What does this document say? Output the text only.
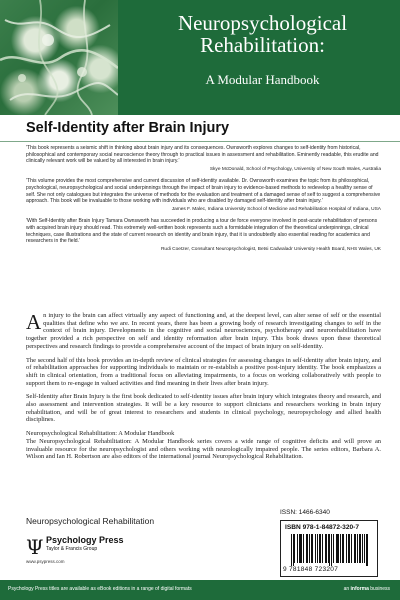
Neuropsychological Rehabilitation:
A Modular Handbook
Self-Identity after Brain Injury
'This book represents a seismic shift in thinking about brain injury and its consequences. Ownsworth explores changes to self-identity from historical, philosophical and contemporary social neuroscience theory through to practical issues in assessment and rehabilitation. Eminently readable, this erudite and clinically relevant work will be valued by all interested in brain injury.'
Skye McDonald, School of Psychology, University of New South Wales, Australia
'This volume provides the most comprehensive and current discussion of self-identity available. Dr. Ownsworth examines the topic from its philosophical, psychological, neuropsychological and social underpinnings through the impact of brain injury to evidence-based methods to redevelop a healthy sense of self. She not only catalogues but integrates the universe of methods for the evaluation and treatment of a damaged sense of self to suggest a comprehensive approach. This book will be invaluable to those working with individuals who are disabled by damaged self-identity after brain injury.'
James F. Malec, Indiana University School of Medicine and Rehabilitation Hospital of Indiana, USA
'With Self-Identity after Brain Injury Tamara Ownsworth has succeeded in producing a tour de force everyone involved in post-acute rehabilitation of persons with acquired brain injury should read. This extremely well-written book represents such a formidable integration of the theoretical underpinnings, clinical techniques, case illustrations and the state of current research on identity and brain injury, that it is undoubtedly also essential reading for academics and researchers in the field.'
Rudi Coetzer, Consultant Neuropsychologist, Betsi Cadwaladr University Health Board, NHS Wales, UK

An injury to the brain can affect virtually any aspect of functioning and, at the deepest level, can alter sense of self or the essential qualities that define who we are. In recent years, there has been a growing body of research investigating changes to self in the context of brain injury. Developments in the cognitive and social neurosciences, psychotherapy and neurorehabilitation have together provided a rich perspective on self and identity reformation after brain injury. This book draws upon these theoretical perspectives and research findings to provide a comprehensive account of the impact of brain injury on self-identity.

The second half of this book provides an in-depth review of clinical strategies for assessing changes in self-identity after brain injury, and of rehabilitation approaches for supporting individuals to maintain or re-establish a positive post-injury identity. The book emphasizes a shift in clinical orientation, from a traditional focus on alleviating impairments, to a focus on working collaboratively with people to support them to re-engage in valued activities and find meaning in their lives after brain injury.

Self-Identity after Brain Injury is the first book dedicated to self-identity issues after brain injury which integrates theory and research, and also assessment and intervention strategies. It will be a key resource to support clinicians and researchers working in brain injury rehabilitation, and will be of great interest to researchers and students in clinical psychology, neuropsychology and allied health disciplines.

Neuropsychological Rehabilitation: A Modular Handbook

The Neuropsychological Rehabilitation: A Modular Handbook series covers a wide range of cognitive deficits and will prove an invaluable resource for the neuropsychologist and others working with neurologically impaired people. The series editors, Barbara A. Wilson and Ian H. Robertson are also editors of the international journal Neuropsychological Rehabilitation.

Neuropsychological Rehabilitation
Ψ Psychology Press
Taylor & Francis Group
www.psypress.com
ISSN: 1466-6340
ISBN 978-1-84872-320-7
9 781848 723207
Psychology Press titles are available as eBook editions in a range of digital formats	an informa business
